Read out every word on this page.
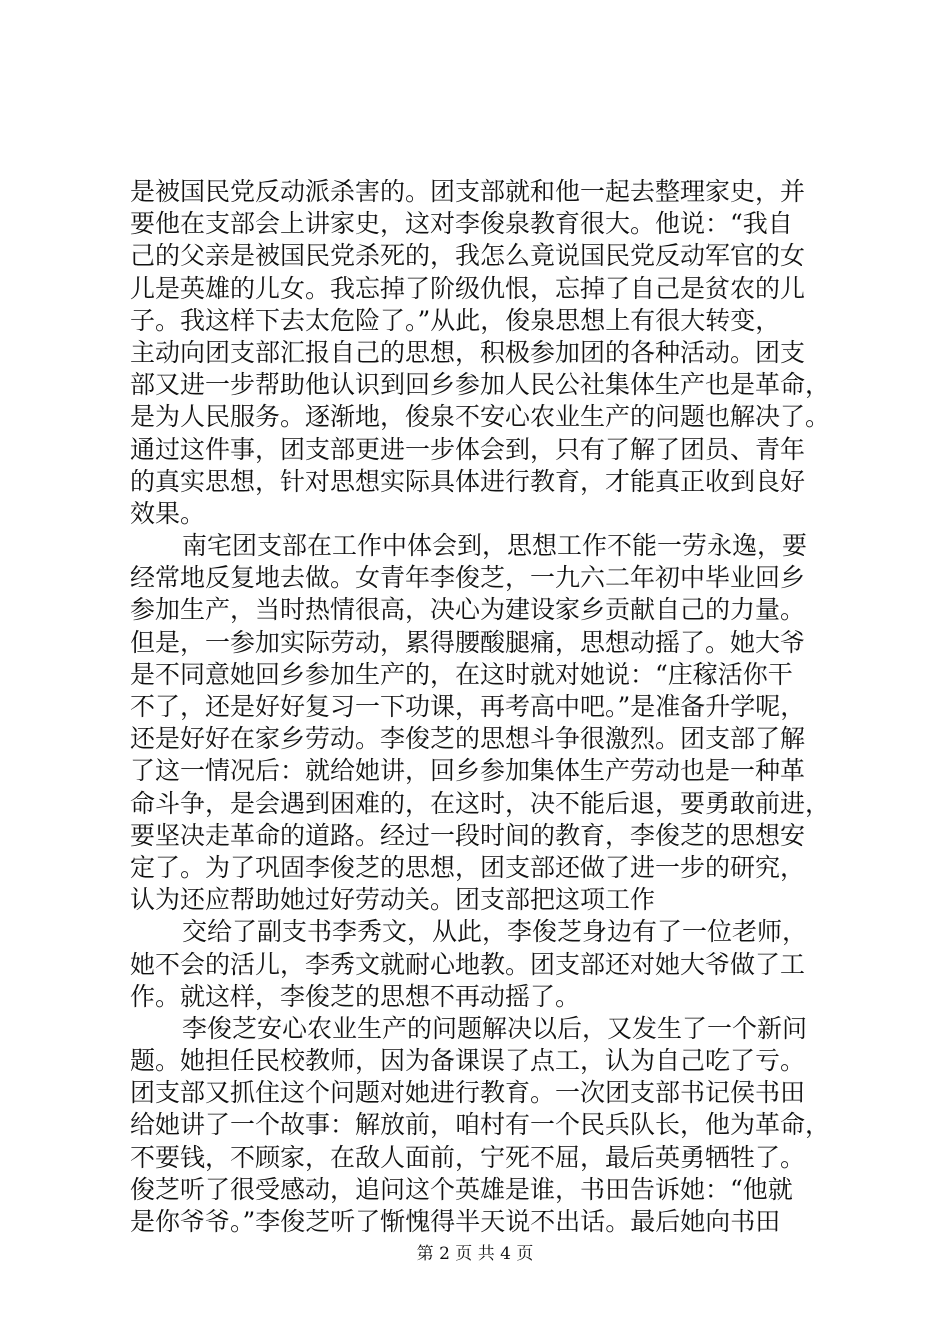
是被国民党反动派杀害的。团支部就和他一起去整理家史，并
要他在支部会上讲家史，这对李俊泉教育很大。他说：“我自
己的父亲是被国民党杀死的，我怎么竟说国民党反动军官的女
儿是英雄的儿女。我忘掉了阶级仇恨，忘掉了自己是贫农的儿
子。我这样下去太危险了。”从此，俊泉思想上有很大转变，
主动向团支部汇报自己的思想，积极参加团的各种活动。团支
部又进一步帮助他认识到回乡参加人民公社集体生产也是革命，
是为人民服务。逐渐地，俊泉不安心农业生产的问题也解决了。
通过这件事，团支部更进一步体会到，只有了解了团员、青年
的真实思想，针对思想实际具体进行教育，才能真正收到良好
效果。
南宅团支部在工作中体会到，思想工作不能一劳永逸，要
经常地反复地去做。女青年李俊芝，一九六二年初中毕业回乡
参加生产，当时热情很高，决心为建设家乡贡献自己的力量。
但是，一参加实际劳动，累得腰酸腿痛，思想动摇了。她大爷
是不同意她回乡参加生产的，在这时就对她说：“庄稼活你干
不了，还是好好复习一下功课，再考高中吧。”是准备升学呢，
还是好好在家乡劳动。李俊芝的思想斗争很激烈。团支部了解
了这一情况后：就给她讲，回乡参加集体生产劳动也是一种革
命斗争，是会遇到困难的，在这时，决不能后退，要勇敢前进，
要坚决走革命的道路。经过一段时间的教育，李俊芝的思想安
定了。为了巩固李俊芝的思想，团支部还做了进一步的研究，
认为还应帮助她过好劳动关。团支部把这项工作
交给了副支书李秀文，从此，李俊芝身边有了一位老师，
她不会的活儿，李秀文就耐心地教。团支部还对她大爷做了工
作。就这样，李俊芝的思想不再动摇了。
李俊芝安心农业生产的问题解决以后，又发生了一个新问
题。她担任民校教师，因为备课误了点工，认为自己吃了亏。
团支部又抓住这个问题对她进行教育。一次团支部书记侯书田
给她讲了一个故事：解放前，咱村有一个民兵队长，他为革命，
不要钱，不顾家，在敌人面前，宁死不屈，最后英勇牺牲了。
俊芝听了很受感动，追问这个英雄是谁，书田告诉她：“他就
是你爷爷。”李俊芝听了惭愧得半天说不出话。最后她向书田
第 2 页 共 4 页
